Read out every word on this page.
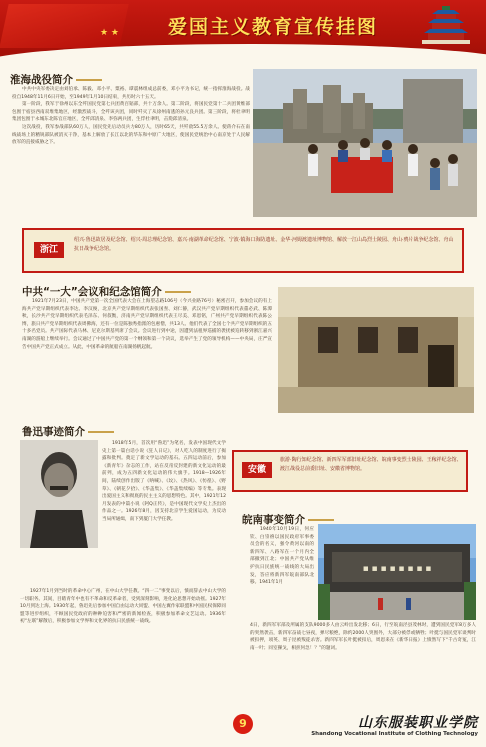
★ ★	爱国主义教育宣传挂图
淮海战役简介

中共中央军委决定由刘伯承、陈毅、邓小平、粟裕、谭震林组成总前委，邓小平为书记，统一指挥淮海战役。战役自1948年11月6日开始，至1949年1月10日结束，共历时六十五天。

第一阶段，我军于徐州以东全歼国民党第七兵团黄百韬部，共十万余人。第二阶段，将国民党第十二兵团黄维部包围于宿县西南双堆集地区，经激烈战斗，全歼该兵团，同时歼灭了从徐州南逃的孙元良兵团。第三阶段，将杜聿明集团包围于永城东北陈官庄地区，全歼邱清泉、李弥两兵团，生俘杜聿明，击毙邱清泉。

这次战役，我军参战部队60万人，国民党先后动员兵力80万人，历时65天，共歼敌55.5万余人。使蒋介石在南线战场上的精锐部队被消灭干净，基本上解放了长江以北的华东和中原广大地区，使国民党统治中心南京处于人民解放军的直接威胁之下。

浙江
绍兴·鲁迅故居及纪念馆、绍兴·周总理纪念馆、嘉兴·南湖革命纪念馆、宁波·镇海口海防遗址、金华·河姆渡遗址博物馆、解放一江山岛烈士陵园、舟山·鸦片战争纪念馆、舟山抗日战争纪念馆。
中共“一大”会议和纪念馆简介

1921年7月23日，中国共产党第一次全国代表大会在上海望志路106号（今兴业路76号）秘密召开，参加会议的有上海共产党早期组织代表李达、李汉俊，北京共产党早期组织代表张国焘、刘仁静，武汉共产党早期组织代表董必武、陈潭秋，长沙共产党早期组织代表毛泽东、何叔衡，济南共产党早期组织代表王尽美、邓恩铭，广州共产党早期组织代表陈公博，旅日共产党早期组织代表周佛海，还有一位是陈独秀指派的包惠僧，共13人。他们代表了全国七个共产党早期组织的五十多名党员。共产国际代表马林、尼克尔斯基列席了会议。会议进行到中途，因遭到法租界巡捕的袭扰被迫转移到浙江嘉兴南湖的游船上继续举行。会议通过了中国共产党的第一个纲领和第一个决议，选举产生了党的领导机构——中央局，庄严宣告中国共产党正式成立。从此，中国革命的航船在南湖扬帆起航。

鲁迅事迹简介

1918年5月，首次用“鲁迅”为笔名，发表中国现代文学史上第一篇白话小说《狂人日记》，对人吃人的制度进行了揭露和批判。奠定了新文学运动的基石。五四运动前后，参加《新青年》杂志的工作，站在反帝反封建的新文化运动的最前列，成为五四新文化运动的伟大旗手。1918—1926年间，陆续创作出版了《呐喊》、《坟》、《热风》、《彷徨》、《野草》、《朝花夕拾》、《华盖集》、《华盖集续编》等专集。表现出爱国主义和彻底的民主主义的思想特色。其中，1921年12月发表的中篇小说《阿Q正传》，是中国现代文学史上杰出的作品之一。1926年8月，因支持北京学生爱国运动，为反动当局所通缉，南下到厦门大学任教。

1927年1月到当时的革命中心广州，在中山大学任教。“四一二”事变以后，愤而辞去中山大学的一切职务。其间，目睹青年中也有不革命和反革命者，受到深刻影响，进化论思想开始动摇。1927年10月到达上海。1930年起，鲁迅先后参加中国自由运动大同盟、中国左翼作家联盟和中国民权保障同盟等进步组织，不顾国民党政府的种种迫害和严密的新闻检查，积极参加革命文艺运动。1936年初“左联”解散后，积极参加文学界和文化界的抗日民族统一战线。

安徽
旅游·陶行知纪念馆、新四军军部旧址纪念馆、皖南事变烈士陵园、王稼祥纪念馆、渡江战役总前委旧址、安徽省博物馆。
皖南事变简介

1940年10月19日，何应钦、白崇禧以国民政府军事委员会的名义，强令黄河以南的新四军、八路军在一个月内全部撤到江北；中国共产党从维护抗日民族统一战线的大局出发，答应将新四军皖南部队北移。1941年1月

▪ ▪ ▪ ▪ ▪ ▪ ▪ ▪

4日，新四军军部及所属的支队9000多人由云岭出发北移；6日，行至皖南泾县茂林时，遭到国民党军8万多人的突然袭击，新四军奋战七昼夜，弹尽粮绝，除约2000人突围外，大部分被俘或牺牲；叶挺与国民党军谈判时被扣押，项英、周子昆被叛徒杀害。新四军军长叶挺被扣后，周恩来在《新华日报》上愤然写下“千古奇冤，江南一叶；同室操戈，相煎何急！？”的题词。

9	山东服装职业学院
Shandong Vocational Institute of Clothing Technology
